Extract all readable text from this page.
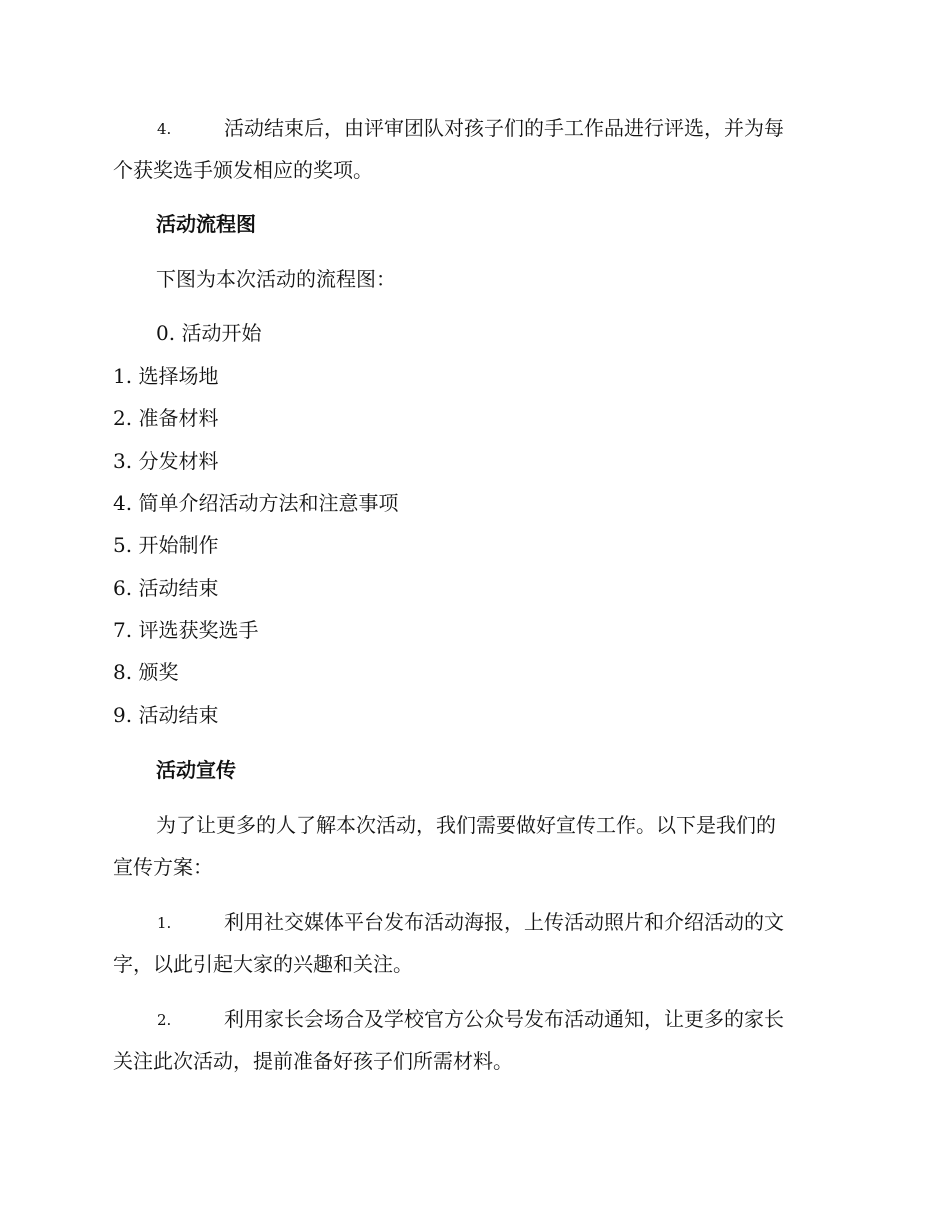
4.	活动结束后，由评审团队对孩子们的手工作品进行评选，并为每
个获奖选手颁发相应的奖项。
活动流程图
下图为本次活动的流程图：
0. 活动开始
1. 选择场地
2. 准备材料
3. 分发材料
4. 简单介绍活动方法和注意事项
5. 开始制作
6. 活动结束
7. 评选获奖选手
8. 颁奖
9. 活动结束
活动宣传
为了让更多的人了解本次活动，我们需要做好宣传工作。以下是我们的
宣传方案：
1.	利用社交媒体平台发布活动海报，上传活动照片和介绍活动的文
字，以此引起大家的兴趣和关注。
2.	利用家长会场合及学校官方公众号发布活动通知，让更多的家长
关注此次活动，提前准备好孩子们所需材料。
